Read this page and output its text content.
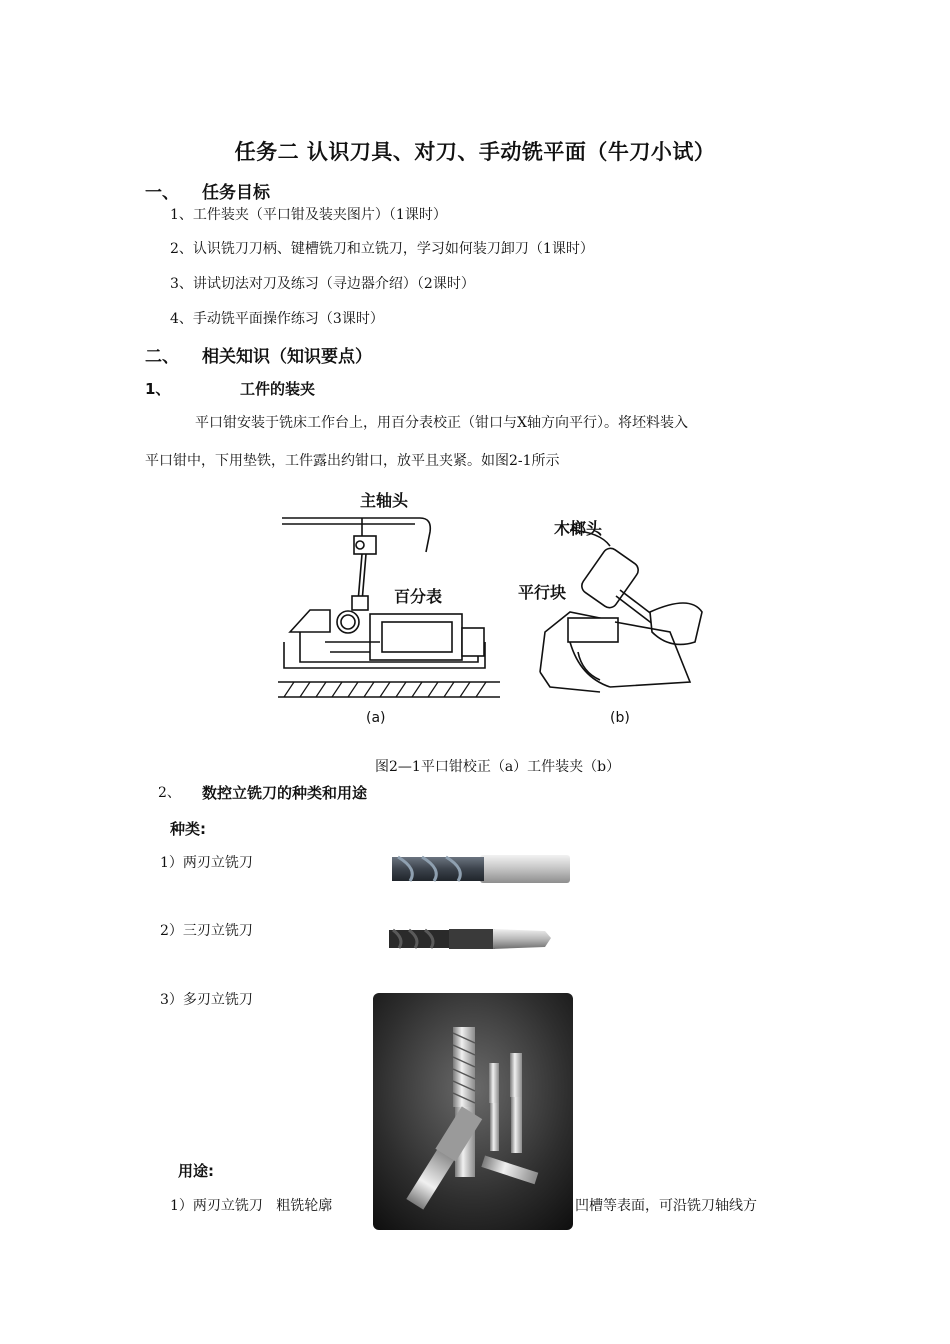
任务二 认识刀具、对刀、手动铣平面（牛刀小试）
一、 任务目标
1、工件装夹（平口钳及装夹图片）（1课时）
2、认识铣刀刀柄、键槽铣刀和立铣刀，学习如何装刀卸刀（1课时）
3、讲试切法对刀及练习（寻边器介绍）（2课时）
4、手动铣平面操作练习（3课时）
二、 相关知识（知识要点）
1、	工件的装夹
平口钳安装于铣床工作台上，用百分表校正（钳口与X轴方向平行）。将坯料装入
平口钳中，下用垫铁，工件露出约钳口，放平且夹紧。如图2-1所示
主轴头
百分表
(a)
木榔头
平行块
(b)
图2—1平口钳校正（a）工件装夹（b）
2、 数控立铣刀的种类和用途
种类:
1）两刃立铣刀
2）三刃立铣刀
3）多刃立铣刀
用途:
1）两刃立铣刀   粗铣轮廓	凹槽等表面，可沿铣刀轴线方
